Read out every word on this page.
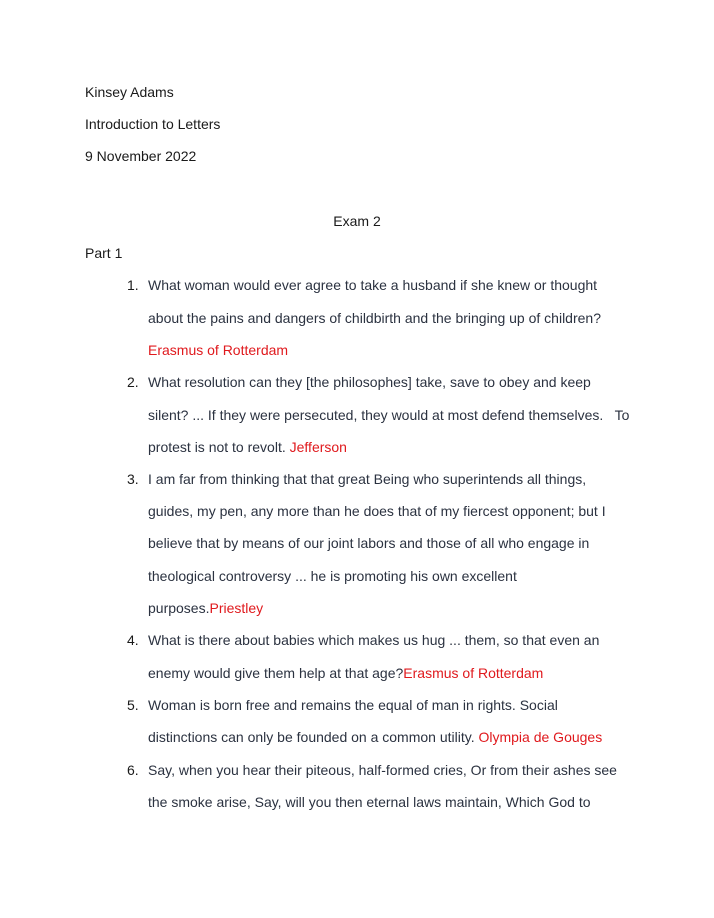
Kinsey Adams
Introduction to Letters
9 November 2022
Exam 2
Part 1
1. What woman would ever agree to take a husband if she knew or thought
about the pains and dangers of childbirth and the bringing up of children?
Erasmus of Rotterdam
2. What resolution can they [the philosophes] take, save to obey and keep
silent? ... If they were persecuted, they would at most defend themselves.   To
protest is not to revolt. Jefferson
3. I am far from thinking that that great Being who superintends all things,
guides, my pen, any more than he does that of my fiercest opponent; but I
believe that by means of our joint labors and those of all who engage in
theological controversy ... he is promoting his own excellent
purposes.Priestley
4. What is there about babies which makes us hug ... them, so that even an
enemy would give them help at that age?Erasmus of Rotterdam
5. Woman is born free and remains the equal of man in rights. Social
distinctions can only be founded on a common utility. Olympia de Gouges
6. Say, when you hear their piteous, half-formed cries, Or from their ashes see
the smoke arise, Say, will you then eternal laws maintain, Which God to
